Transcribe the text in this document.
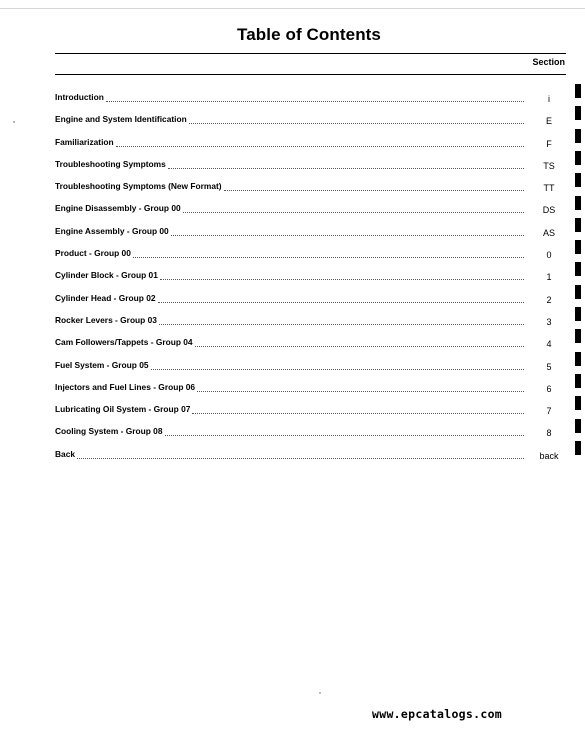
Table of Contents
Section
Introduction	i
Engine and System Identification	E
Familiarization	F
Troubleshooting Symptoms	TS
Troubleshooting Symptoms (New Format)	TT
Engine Disassembly - Group 00	DS
Engine Assembly - Group 00	AS
Product - Group 00	0
Cylinder Block - Group 01	1
Cylinder Head - Group 02	2
Rocker Levers - Group 03	3
Cam Followers/Tappets - Group 04	4
Fuel System - Group 05	5
Injectors and Fuel Lines - Group 06	6
Lubricating Oil System - Group 07	7
Cooling System - Group 08	8
Back	back
www.epcatalogs.com
